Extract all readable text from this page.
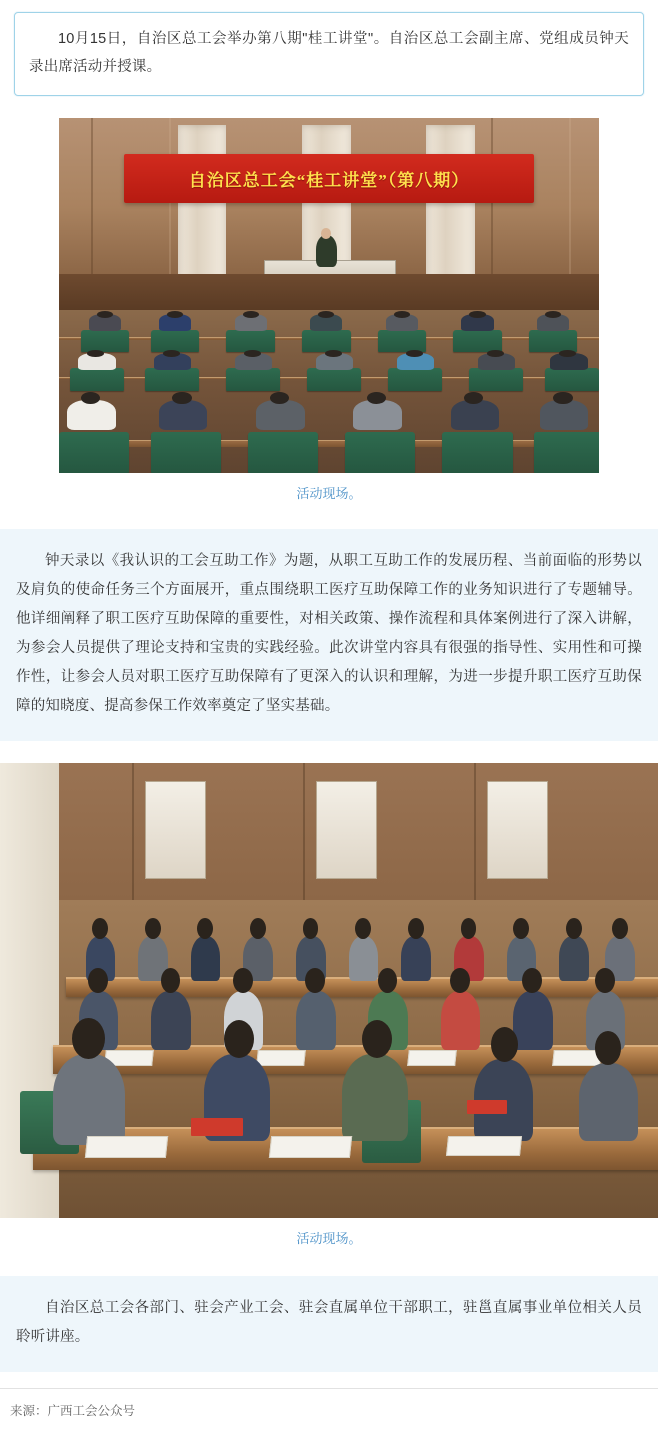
10月15日，自治区总工会举办第八期"桂工讲堂"。自治区总工会副主席、党组成员钟天录出席活动并授课。

自治区总工会“桂工讲堂”（第八期）
活动现场。

钟天录以《我认识的工会互助工作》为题，从职工互助工作的发展历程、当前面临的形势以及肩负的使命任务三个方面展开，重点围绕职工医疗互助保障工作的业务知识进行了专题辅导。他详细阐释了职工医疗互助保障的重要性，对相关政策、操作流程和具体案例进行了深入讲解，为参会人员提供了理论支持和宝贵的实践经验。此次讲堂内容具有很强的指导性、实用性和可操作性，让参会人员对职工医疗互助保障有了更深入的认识和理解，为进一步提升职工医疗互助保障的知晓度、提高参保工作效率奠定了坚实基础。

活动现场。

自治区总工会各部门、驻会产业工会、驻会直属单位干部职工，驻邕直属事业单位相关人员聆听讲座。

来源：广西工会公众号
